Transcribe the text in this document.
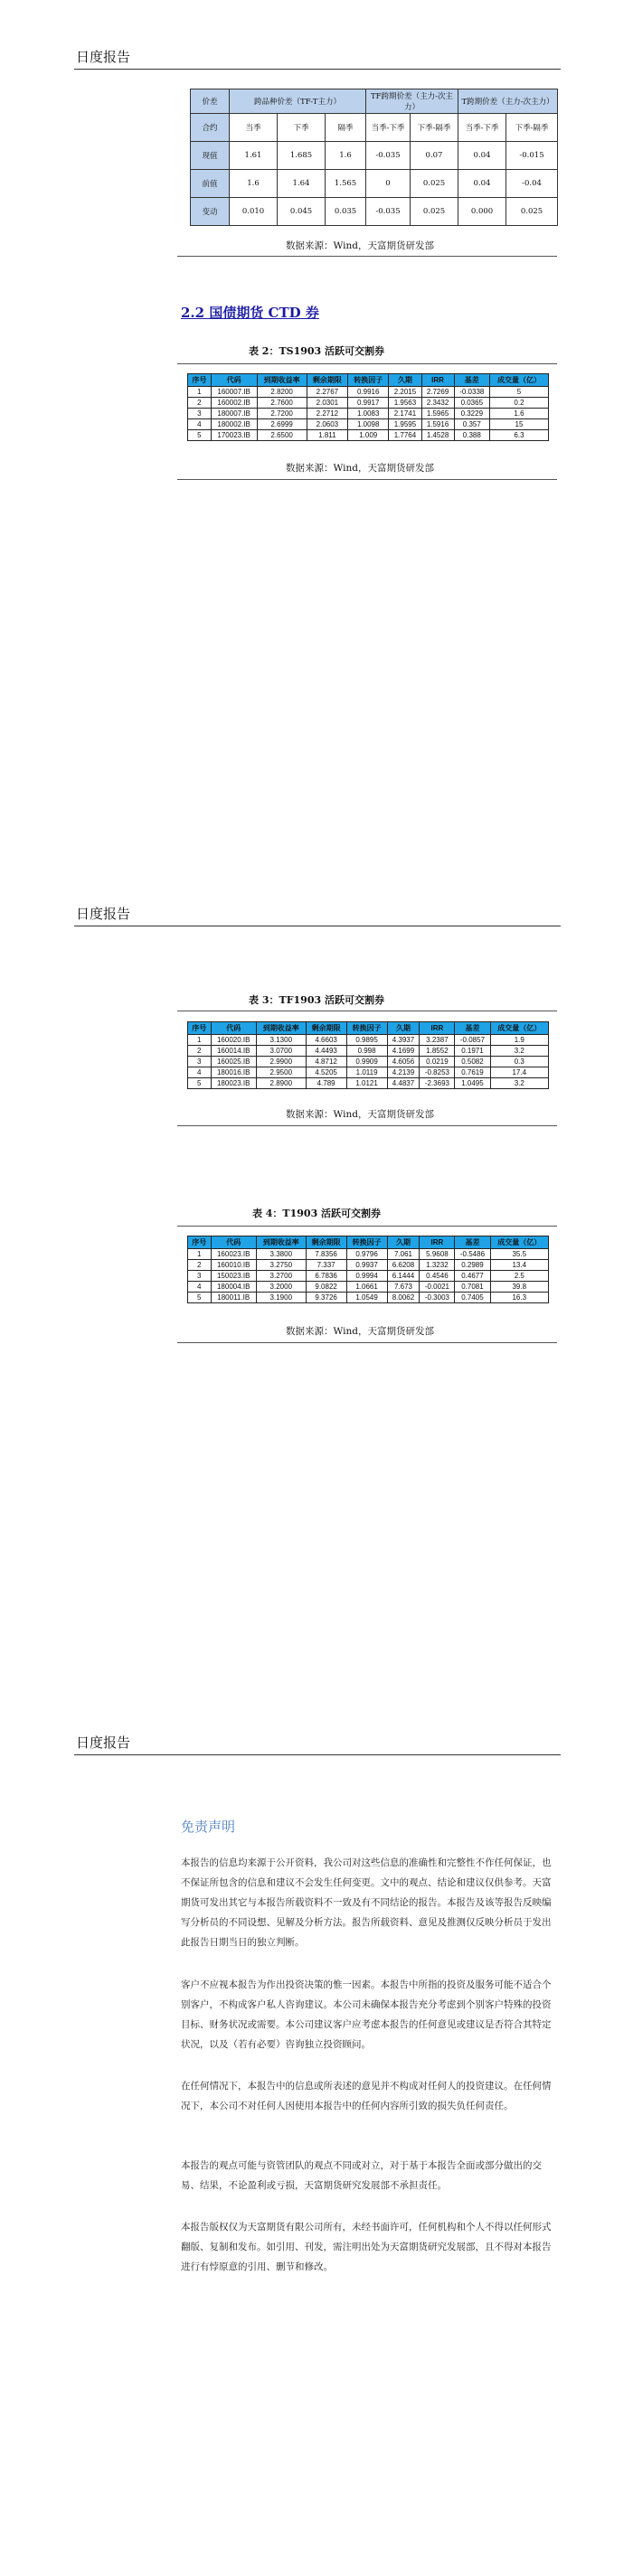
日度报告
价差	跨品种价差（TF-T主力）			TF跨期价差（主力-次主力）		T跨期价差（主力-次主力）	
合约	当季	下季	隔季	当季-下季	下季-隔季	当季-下季	下季-隔季
现值	1.61	1.685	1.6	-0.035	0.07	0.04	-0.015
前值	1.6	1.64	1.565	0	0.025	0.04	-0.04
变动	0.010	0.045	0.035	-0.035	0.025	0.000	0.025
数据来源：Wind，天富期货研发部
2.2 国债期货 CTD 券
表 2：TS1903 活跃可交割券
序号	代码	到期收益率	剩余期限	转换因子	久期	IRR	基差	成交量（亿）
1	160007.IB	2.8200	2.2767	0.9916	2.2015	2.7269	-0.0338	5
2	160002.IB	2.7600	2.0301	0.9917	1.9563	2.3432	0.0365	0.2
3	180007.IB	2.7200	2.2712	1.0083	2.1741	1.5965	0.3229	1.6
4	180002.IB	2.6999	2.0603	1.0098	1.9595	1.5916	0.357	15
5	170023.IB	2.6500	1.811	1.009	1.7764	1.4528	0.388	6.3
数据来源：Wind，天富期货研发部
日度报告
表 3：TF1903 活跃可交割券
序号	代码	到期收益率	剩余期限	转换因子	久期	IRR	基差	成交量（亿）
1	160020.IB	3.1300	4.6603	0.9895	4.3937	3.2387	-0.0857	1.9
2	160014.IB	3.0700	4.4493	0.998	4.1699	1.8552	0.1971	3.2
3	160025.IB	2.9900	4.8712	0.9909	4.6056	0.0219	0.5082	0.3
4	180016.IB	2.9500	4.5205	1.0119	4.2139	-0.8253	0.7619	17.4
5	180023.IB	2.8900	4.789	1.0121	4.4837	-2.3693	1.0495	3.2
数据来源：Wind，天富期货研发部
表 4：T1903 活跃可交割券
序号	代码	到期收益率	剩余期限	转换因子	久期	IRR	基差	成交量（亿）
1	160023.IB	3.3800	7.8356	0.9796	7.061	5.9608	-0.5486	35.5
2	160010.IB	3.2750	7.337	0.9937	6.6208	1.3232	0.2989	13.4
3	150023.IB	3.2700	6.7836	0.9994	6.1444	0.4546	0.4677	2.5
4	180004.IB	3.2000	9.0822	1.0661	7.673	-0.0021	0.7081	39.8
5	180011.IB	3.1900	9.3726	1.0549	8.0062	-0.3003	0.7405	16.3
数据来源：Wind，天富期货研发部
日度报告
免责声明

本报告的信息均来源于公开资料，我公司对这些信息的准确性和完整性不作任何保证，也不保证所包含的信息和建议不会发生任何变更。文中的观点、结论和建议仅供参考。天富期货可发出其它与本报告所载资料不一致及有不同结论的报告。本报告及该等报告反映编写分析员的不同设想、见解及分析方法。报告所载资料、意见及推测仅反映分析员于发出此报告日期当日的独立判断。

客户不应视本报告为作出投资决策的惟一因素。本报告中所指的投资及服务可能不适合个别客户，不构成客户私人咨询建议。本公司未确保本报告充分考虑到个别客户特殊的投资目标、财务状况或需要。本公司建议客户应考虑本报告的任何意见或建议是否符合其特定状况，以及（若有必要）咨询独立投资顾问。

在任何情况下，本报告中的信息或所表述的意见并不构成对任何人的投资建议。在任何情况下，本公司不对任何人因使用本报告中的任何内容所引致的损失负任何责任。

本报告的观点可能与资管团队的观点不同或对立，对于基于本报告全面或部分做出的交易、结果，不论盈利或亏损，天富期货研究发展部不承担责任。

本报告版权仅为天富期货有限公司所有，未经书面许可，任何机构和个人不得以任何形式翻版、复制和发布。如引用、刊发，需注明出处为天富期货研究发展部，且不得对本报告进行有悖原意的引用、删节和修改。
